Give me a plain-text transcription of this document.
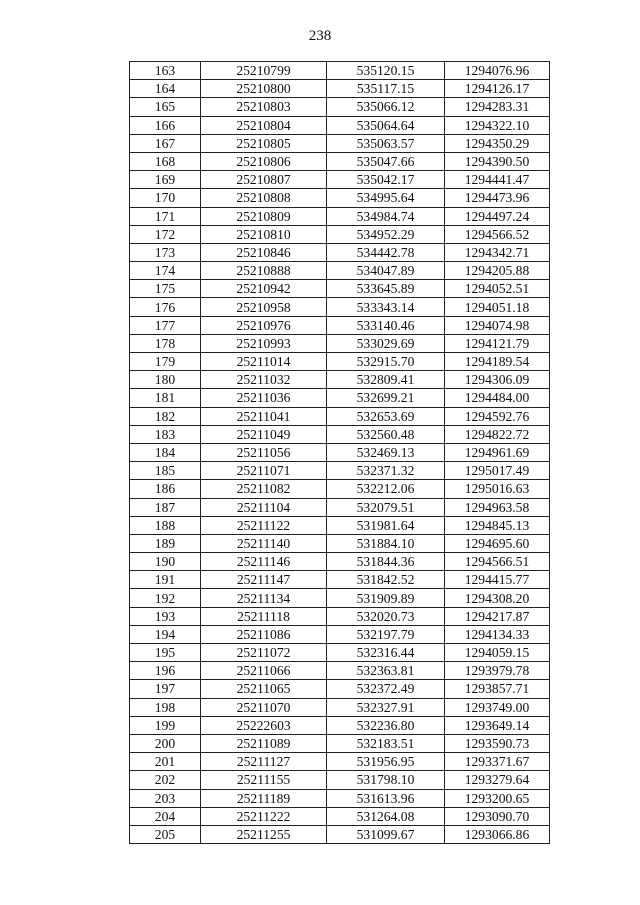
238
163	25210799	535120.15	1294076.96
164	25210800	535117.15	1294126.17
165	25210803	535066.12	1294283.31
166	25210804	535064.64	1294322.10
167	25210805	535063.57	1294350.29
168	25210806	535047.66	1294390.50
169	25210807	535042.17	1294441.47
170	25210808	534995.64	1294473.96
171	25210809	534984.74	1294497.24
172	25210810	534952.29	1294566.52
173	25210846	534442.78	1294342.71
174	25210888	534047.89	1294205.88
175	25210942	533645.89	1294052.51
176	25210958	533343.14	1294051.18
177	25210976	533140.46	1294074.98
178	25210993	533029.69	1294121.79
179	25211014	532915.70	1294189.54
180	25211032	532809.41	1294306.09
181	25211036	532699.21	1294484.00
182	25211041	532653.69	1294592.76
183	25211049	532560.48	1294822.72
184	25211056	532469.13	1294961.69
185	25211071	532371.32	1295017.49
186	25211082	532212.06	1295016.63
187	25211104	532079.51	1294963.58
188	25211122	531981.64	1294845.13
189	25211140	531884.10	1294695.60
190	25211146	531844.36	1294566.51
191	25211147	531842.52	1294415.77
192	25211134	531909.89	1294308.20
193	25211118	532020.73	1294217.87
194	25211086	532197.79	1294134.33
195	25211072	532316.44	1294059.15
196	25211066	532363.81	1293979.78
197	25211065	532372.49	1293857.71
198	25211070	532327.91	1293749.00
199	25222603	532236.80	1293649.14
200	25211089	532183.51	1293590.73
201	25211127	531956.95	1293371.67
202	25211155	531798.10	1293279.64
203	25211189	531613.96	1293200.65
204	25211222	531264.08	1293090.70
205	25211255	531099.67	1293066.86
